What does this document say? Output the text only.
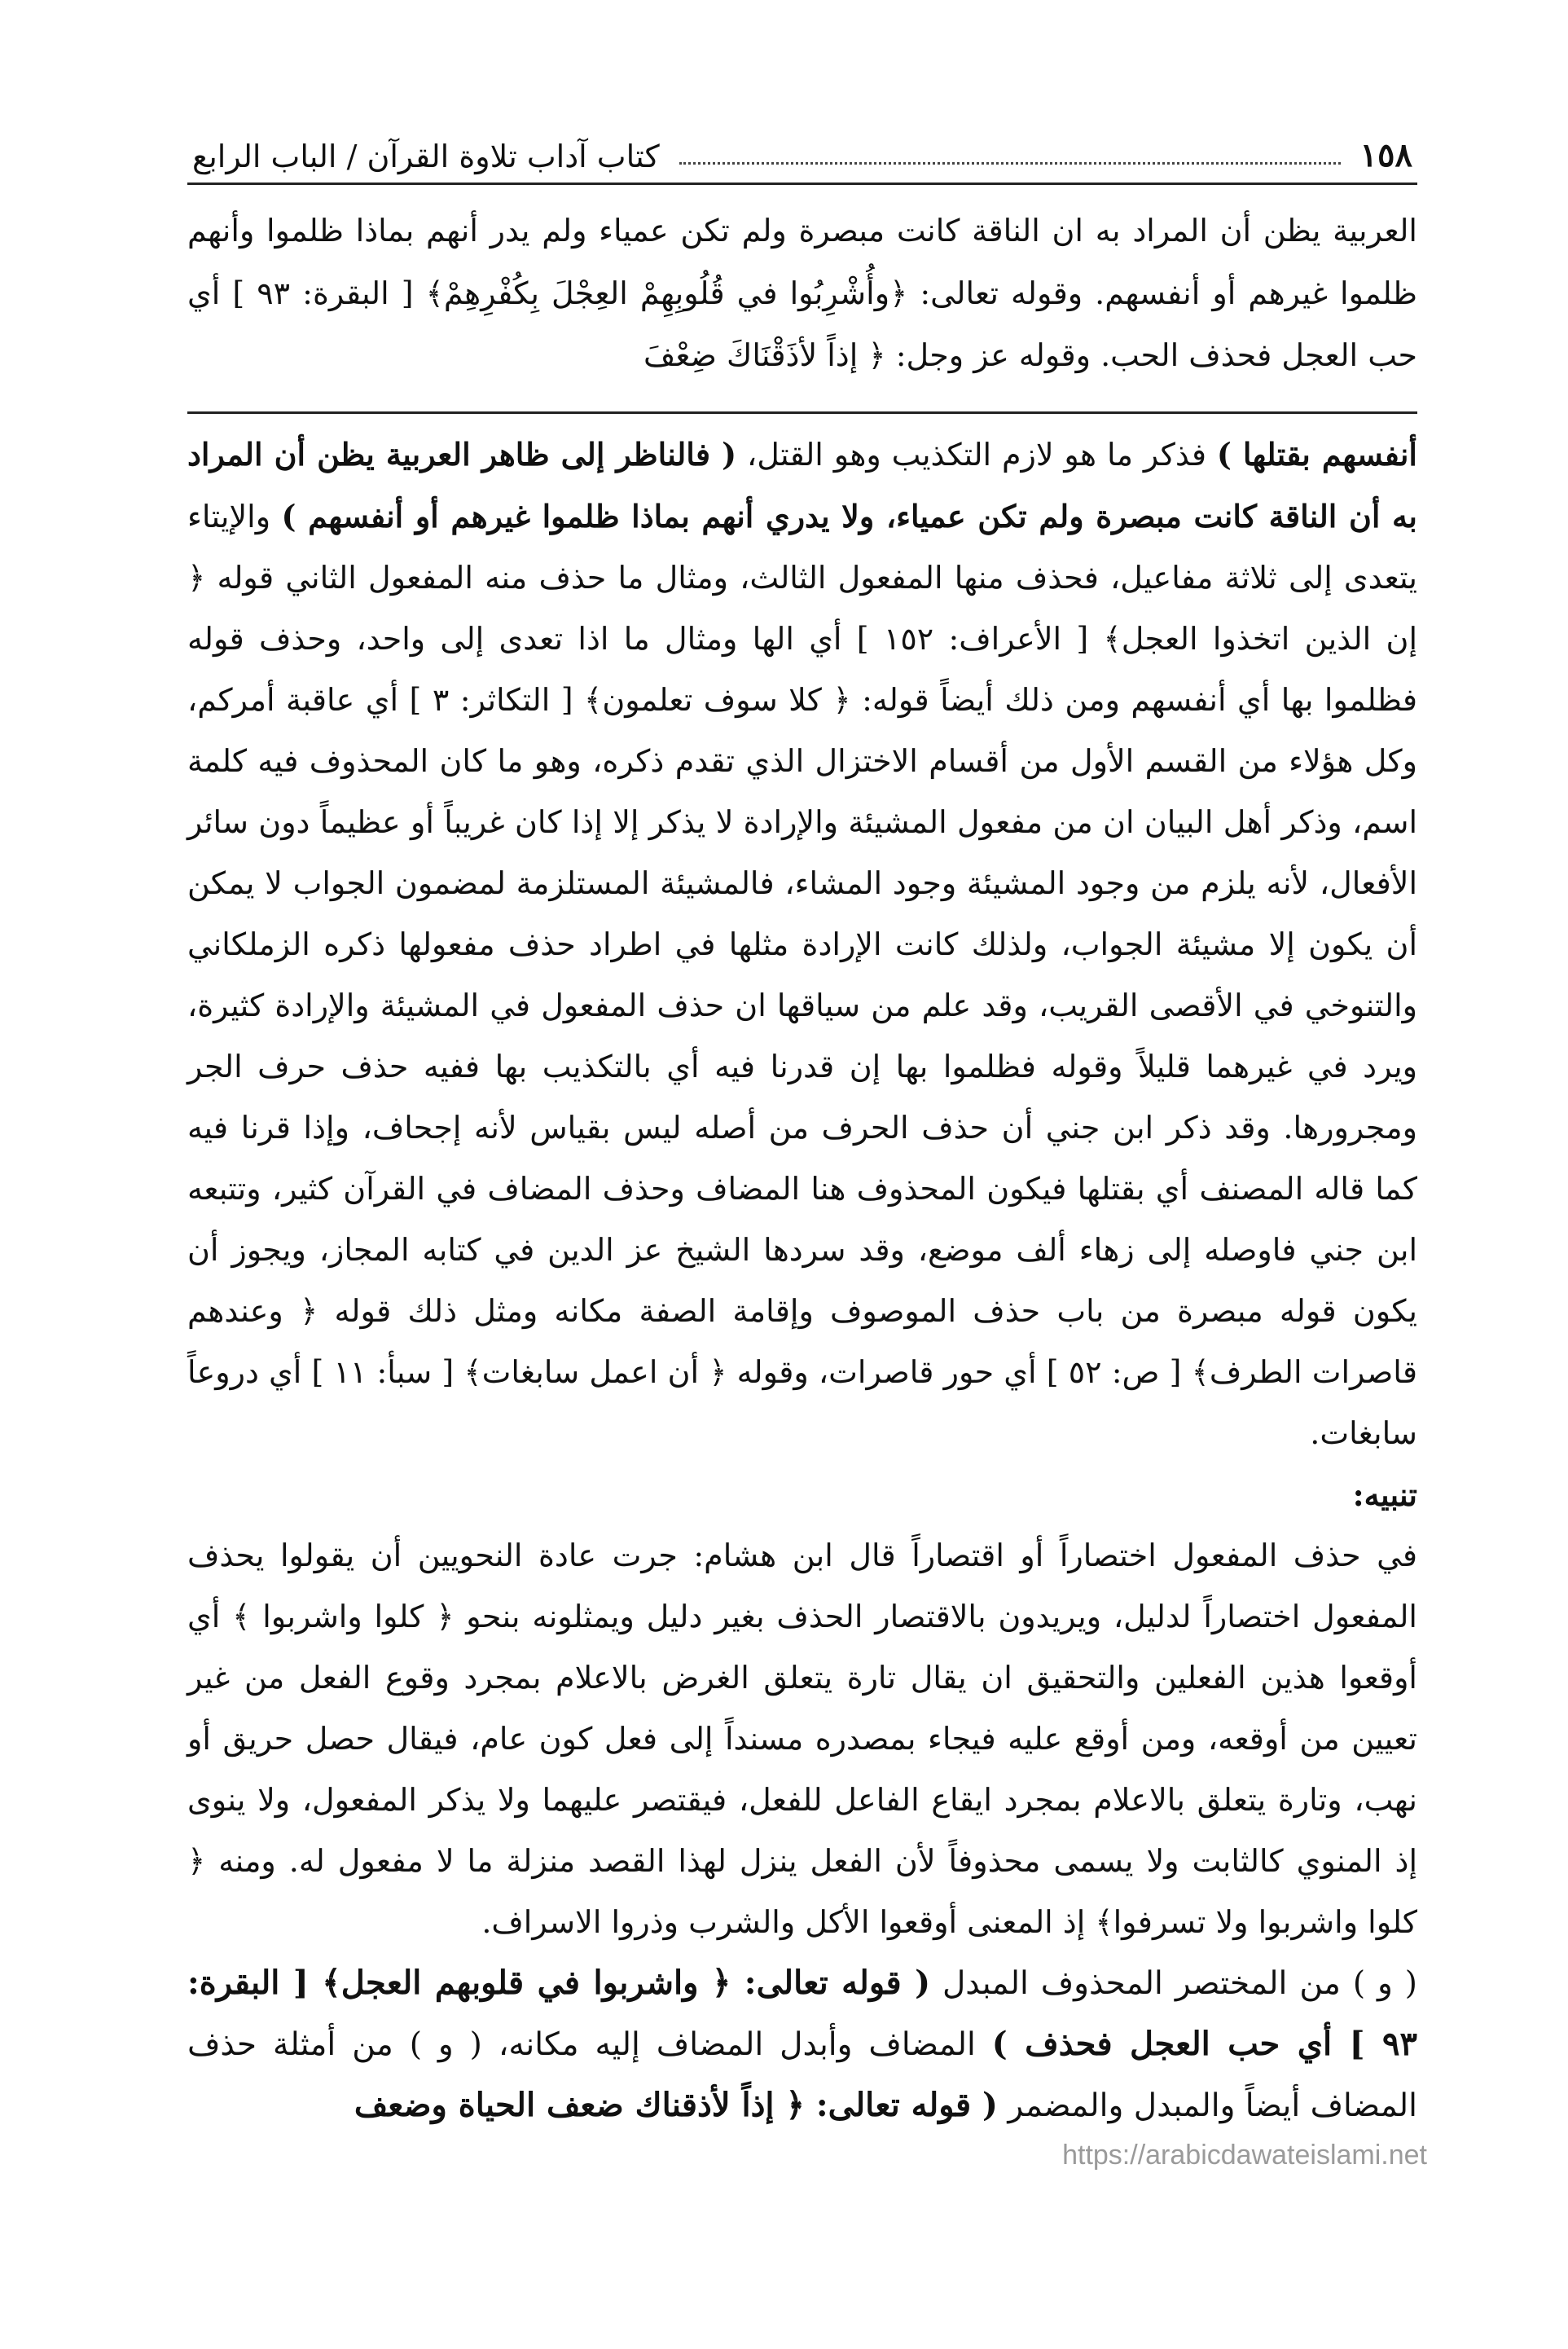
١٥٨
كتاب آداب تلاوة القرآن / الباب الرابع

العربية يظن أن المراد به ان الناقة كانت مبصرة ولم تكن عمياء ولم يدر أنهم بماذا ظلموا وأنهم ظلموا غيرهم أو أنفسهم. وقوله تعالى: ﴿وأُشْرِبُوا في قُلُوبِهِمْ العِجْلَ بِكُفْرِهِمْ﴾ [ البقرة: ٩٣ ] أي حب العجل فحذف الحب. وقوله عز وجل: ﴿ إذاً لأذَقْنَاكَ ضِعْفَ

أنفسهم بقتلها ) فذكر ما هو لازم التكذيب وهو القتل، ( فالناظر إلى ظاهر العربية يظن أن المراد به أن الناقة كانت مبصرة ولم تكن عمياء، ولا يدري أنهم بماذا ظلموا غيرهم أو أنفسهم ) والإيتاء يتعدى إلى ثلاثة مفاعيل، فحذف منها المفعول الثالث، ومثال ما حذف منه المفعول الثاني قوله ﴿ إن الذين اتخذوا العجل﴾ [ الأعراف: ١٥٢ ] أي الها ومثال ما اذا تعدى إلى واحد، وحذف قوله فظلموا بها أي أنفسهم ومن ذلك أيضاً قوله: ﴿ كلا سوف تعلمون﴾ [ التكاثر: ٣ ] أي عاقبة أمركم، وكل هؤلاء من القسم الأول من أقسام الاختزال الذي تقدم ذكره، وهو ما كان المحذوف فيه كلمة اسم، وذكر أهل البيان ان من مفعول المشيئة والإرادة لا يذكر إلا إذا كان غريباً أو عظيماً دون سائر الأفعال، لأنه يلزم من وجود المشيئة وجود المشاء، فالمشيئة المستلزمة لمضمون الجواب لا يمكن أن يكون إلا مشيئة الجواب، ولذلك كانت الإرادة مثلها في اطراد حذف مفعولها ذكره الزملكاني والتنوخي في الأقصى القريب، وقد علم من سياقها ان حذف المفعول في المشيئة والإرادة كثيرة، ويرد في غيرهما قليلاً وقوله فظلموا بها إن قدرنا فيه أي بالتكذيب بها ففيه حذف حرف الجر ومجرورها. وقد ذكر ابن جني أن حذف الحرف من أصله ليس بقياس لأنه إجحاف، وإذا قرنا فيه كما قاله المصنف أي بقتلها فيكون المحذوف هنا المضاف وحذف المضاف في القرآن كثير، وتتبعه ابن جني فاوصله إلى زهاء ألف موضع، وقد سردها الشيخ عز الدين في كتابه المجاز، ويجوز أن يكون قوله مبصرة من باب حذف الموصوف وإقامة الصفة مكانه ومثل ذلك قوله ﴿ وعندهم قاصرات الطرف﴾ [ ص: ٥٢ ] أي حور قاصرات، وقوله ﴿ أن اعمل سابغات﴾ [ سبأ: ١١ ] أي دروعاً سابغات.

تنبيه:

في حذف المفعول اختصاراً أو اقتصاراً قال ابن هشام: جرت عادة النحويين أن يقولوا يحذف المفعول اختصاراً لدليل، ويريدون بالاقتصار الحذف بغير دليل ويمثلونه بنحو ﴿ كلوا واشربوا ﴾ أي أوقعوا هذين الفعلين والتحقيق ان يقال تارة يتعلق الغرض بالاعلام بمجرد وقوع الفعل من غير تعيين من أوقعه، ومن أوقع عليه فيجاء بمصدره مسنداً إلى فعل كون عام، فيقال حصل حريق أو نهب، وتارة يتعلق بالاعلام بمجرد ايقاع الفاعل للفعل، فيقتصر عليهما ولا يذكر المفعول، ولا ينوى إذ المنوي كالثابت ولا يسمى محذوفاً لأن الفعل ينزل لهذا القصد منزلة ما لا مفعول له. ومنه ﴿ كلوا واشربوا ولا تسرفوا﴾ إذ المعنى أوقعوا الأكل والشرب وذروا الاسراف.

( و ) من المختصر المحذوف المبدل ( قوله تعالى: ﴿ واشربوا في قلوبهم العجل﴾ [ البقرة: ٩٣ ] أي حب العجل فحذف ) المضاف وأبدل المضاف إليه مكانه، ( و ) من أمثلة حذف المضاف أيضاً والمبدل والمضمر ( قوله تعالى: ﴿ إذاً لأذقناك ضعف الحياة وضعف

https://arabicdawateislami.net
